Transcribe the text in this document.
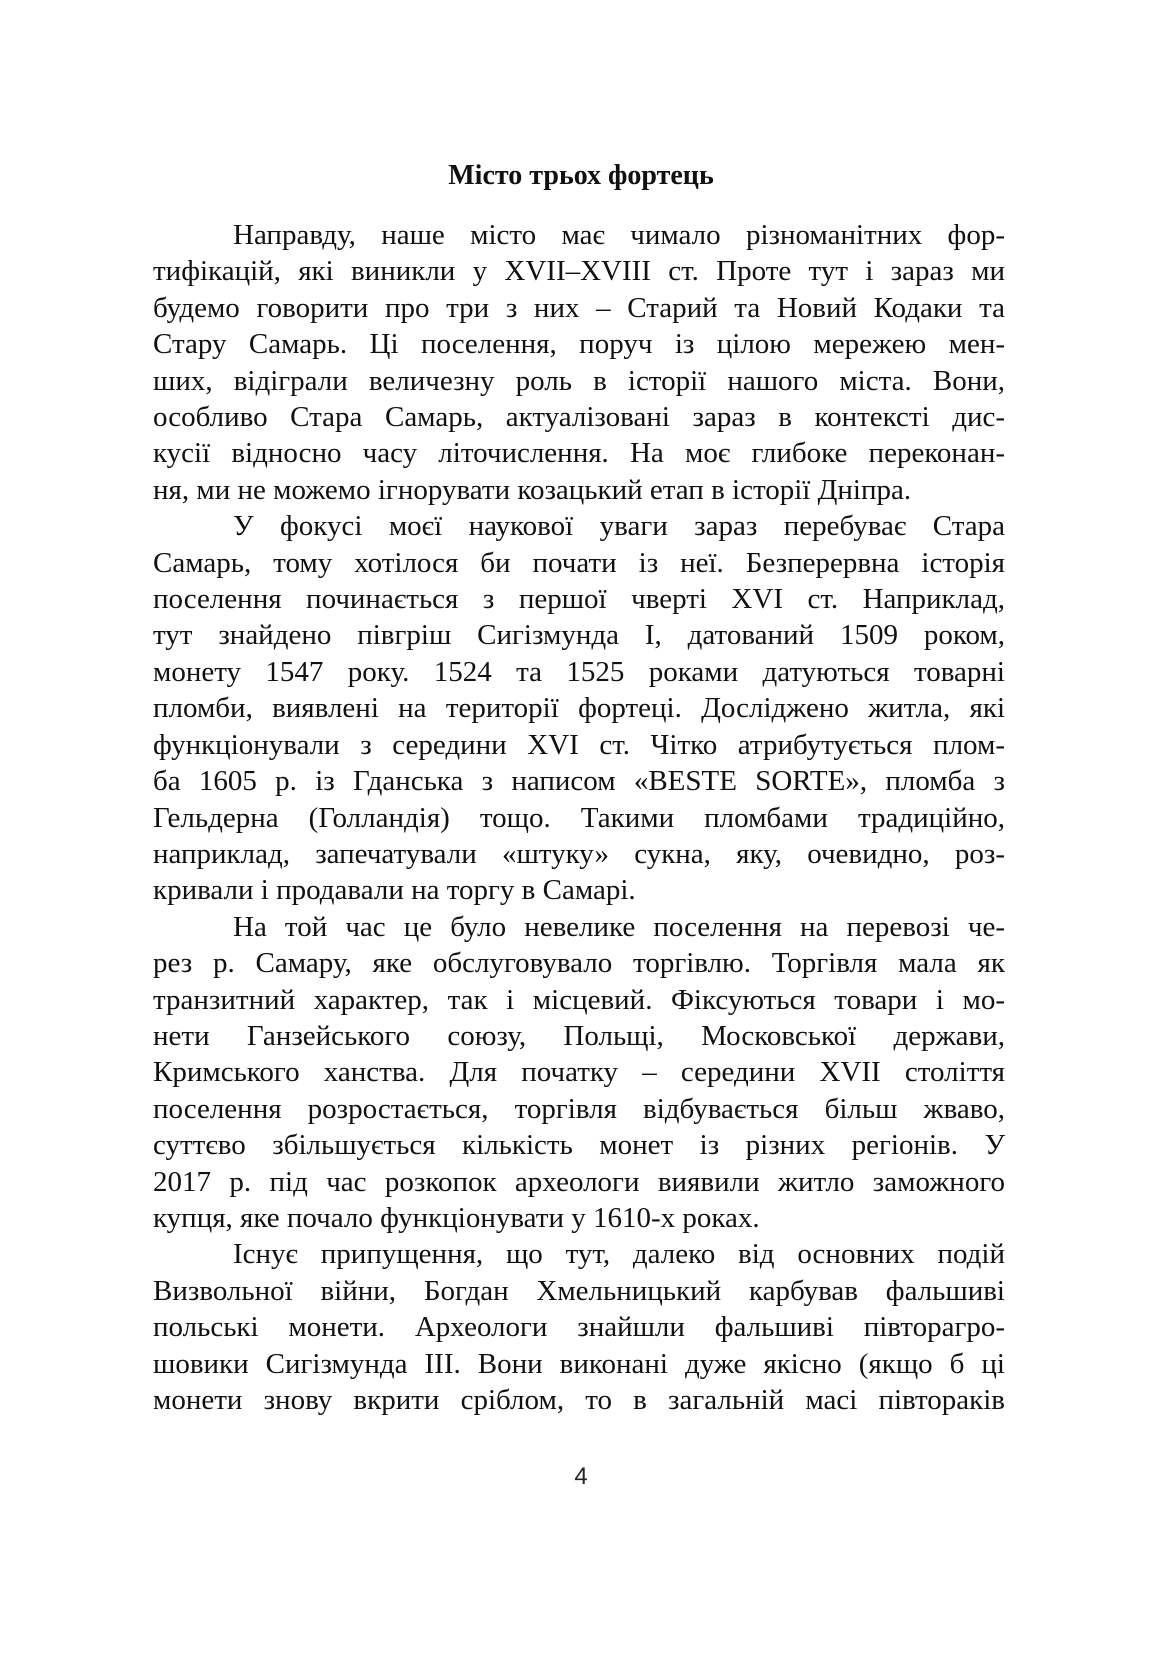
Місто трьох фортець
Направду, наше місто має чимало різноманітних фор-
тифікацій, які виникли у XVII–XVIII ст. Проте тут і зараз ми
будемо говорити про три з них – Старий та Новий Кодаки та
Стару Самарь. Ці поселення, поруч із цілою мережею мен-
ших, відіграли величезну роль в історії нашого міста. Вони,
особливо Стара Самарь, актуалізовані зараз в контексті дис-
кусії відносно часу літочислення. На моє глибоке переконан-
ня, ми не можемо ігнорувати козацький етап в історії Дніпра.
У фокусі моєї наукової уваги зараз перебуває Стара
Самарь, тому хотілося би почати із неї. Безперервна історія
поселення починається з першої чверті XVI ст. Наприклад,
тут знайдено півгріш Сигізмунда І, датований 1509 роком,
монету 1547 року. 1524 та 1525 роками датуються товарні
пломби, виявлені на території фортеці. Досліджено житла, які
функціонували з середини XVI ст. Чітко атрибутується плом-
ба 1605 р. із Гданська з написом «BESTE SORTE», пломба з
Гельдерна (Голландія) тощо. Такими пломбами традиційно,
наприклад, запечатували «штуку» сукна, яку, очевидно, роз-
кривали і продавали на торгу в Самарі.
На той час це було невелике поселення на перевозі че-
рез р. Самару, яке обслуговувало торгівлю. Торгівля мала як
транзитний характер, так і місцевий. Фіксуються товари і мо-
нети Ганзейського союзу, Польщі, Московської держави,
Кримського ханства. Для початку – середини XVII століття
поселення розростається, торгівля відбувається більш жваво,
суттєво збільшується кількість монет із різних регіонів. У
2017 р. під час розкопок археологи виявили житло заможного
купця, яке почало функціонувати у 1610-х роках.
Існує припущення, що тут, далеко від основних подій
Визвольної війни, Богдан Хмельницький карбував фальшиві
польські монети. Археологи знайшли фальшиві півторагро-
шовики Сигізмунда ІІІ. Вони виконані дуже якісно (якщо б ці
монети знову вкрити сріблом, то в загальній масі півтораків
4
